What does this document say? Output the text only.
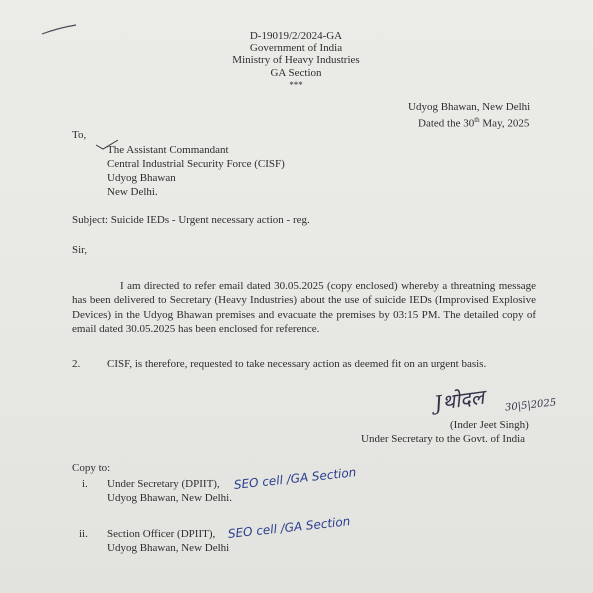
D-19019/2/2024-GA
Government of India
Ministry of Heavy Industries
GA Section
***
Udyog Bhawan, New Delhi
Dated the 30th May, 2025
To,
The Assistant Commandant
Central Industrial Security Force (CISF)
Udyog Bhawan
New Delhi.
Subject: Suicide IEDs - Urgent necessary action - reg.
Sir,
I am directed to refer email dated 30.05.2025 (copy enclosed) whereby a threatning message has been delivered to Secretary (Heavy Industries) about the use of suicide IEDs (Improvised Explosive Devices) in the Udyog Bhawan premises and evacuate the premises by 03:15 PM. The detailed copy of email dated 30.05.2025 has been enclosed for reference.
2. CISF, is therefore, requested to take necessary action as deemed fit on an urgent basis.
Jथोदल 30|5|2025
(Inder Jeet Singh)
Under Secretary to the Govt. of India
Copy to:
i. Under Secretary (DPIIT), SEO cell /GA Section
Udyog Bhawan, New Delhi.
ii. Section Officer (DPIIT), SEO cell /GA Section
Udyog Bhawan, New Delhi
